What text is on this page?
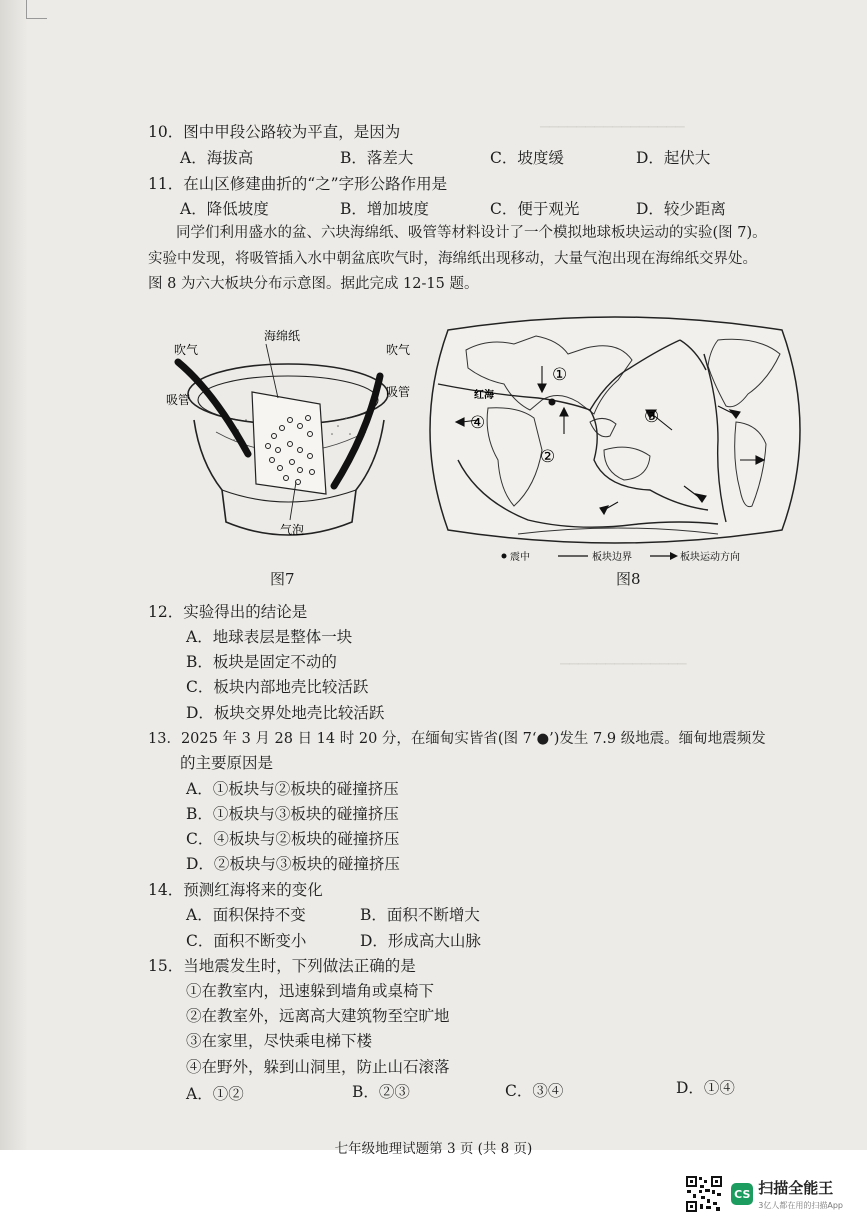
────────────────
──────────────
10．图中甲段公路较为平直，是因为
A．海拔高	B．落差大	C．坡度缓	D．起伏大
11．在山区修建曲折的“之”字形公路作用是
A．降低坡度	B．增加坡度	C．便于观光	D．较少距离
同学们利用盛水的盆、六块海绵纸、吸管等材料设计了一个模拟地球板块运动的实验(图 7)。
实验中发现，将吸管插入水中朝盆底吹气时，海绵纸出现移动，大量气泡出现在海绵纸交界处。
图 8 为六大板块分布示意图。据此完成 12-15 题。
吹气
吸管
海绵纸
吹气
吸管
气泡
图7
①
②
③
④
红海
震中	板块边界	板块运动方向
图8
12．实验得出的结论是
A．地球表层是整体一块
B．板块是固定不动的
C．板块内部地壳比较活跃
D．板块交界处地壳比较活跃
13．2025 年 3 月 28 日 14 时 20 分，在缅甸实皆省(图 7‘●’)发生 7.9 级地震。缅甸地震频发
的主要原因是
A．①板块与②板块的碰撞挤压
B．①板块与③板块的碰撞挤压
C．④板块与②板块的碰撞挤压
D．②板块与③板块的碰撞挤压
14．预测红海将来的变化
A．面积保持不变	B．面积不断增大
C．面积不断变小	D．形成高大山脉
15．当地震发生时，下列做法正确的是
①在教室内，迅速躲到墙角或桌椅下
②在教室外，远离高大建筑物至空旷地
③在家里，尽快乘电梯下楼
④在野外，躲到山洞里，防止山石滚落
A．①②	B．②③	C．③④	D．①④
七年级地理试题第 3 页 (共 8 页)
CS 扫描全能王
3亿人都在用的扫描App
